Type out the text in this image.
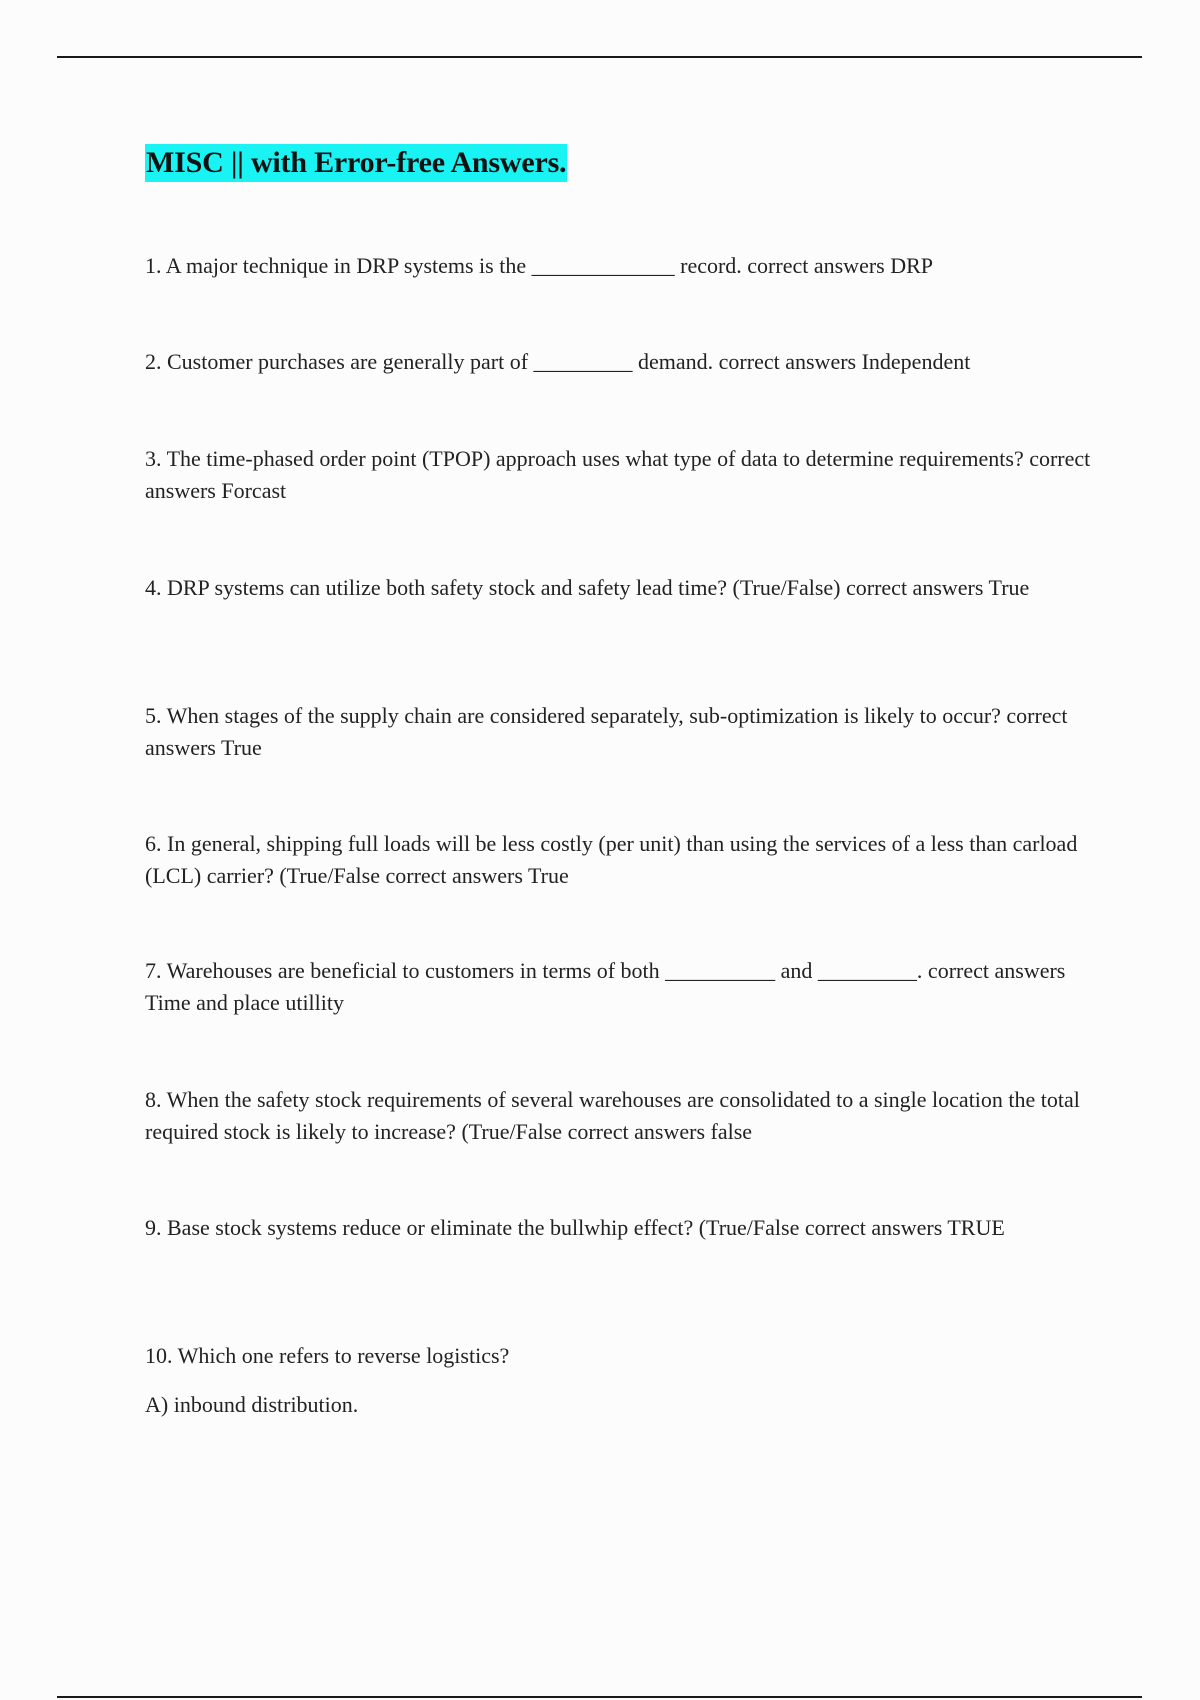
MISC || with Error-free Answers.

1. A major technique in DRP systems is the _____________ record. correct answers DRP

2. Customer purchases are generally part of _________ demand. correct answers Independent

3. The time-phased order point (TPOP) approach uses what type of data to determine requirements? correct answers Forcast

4. DRP systems can utilize both safety stock and safety lead time? (True/False) correct answers True

5. When stages of the supply chain are considered separately, sub-optimization is likely to occur? correct answers True

6. In general, shipping full loads will be less costly (per unit) than using the services of a less than carload (LCL) carrier? (True/False correct answers True

7. Warehouses are beneficial to customers in terms of both __________ and _________. correct answers Time and place utillity

8. When the safety stock requirements of several warehouses are consolidated to a single location the total required stock is likely to increase? (True/False correct answers false

9. Base stock systems reduce or eliminate the bullwhip effect? (True/False correct answers TRUE

10. Which one refers to reverse logistics?

A) inbound distribution.
